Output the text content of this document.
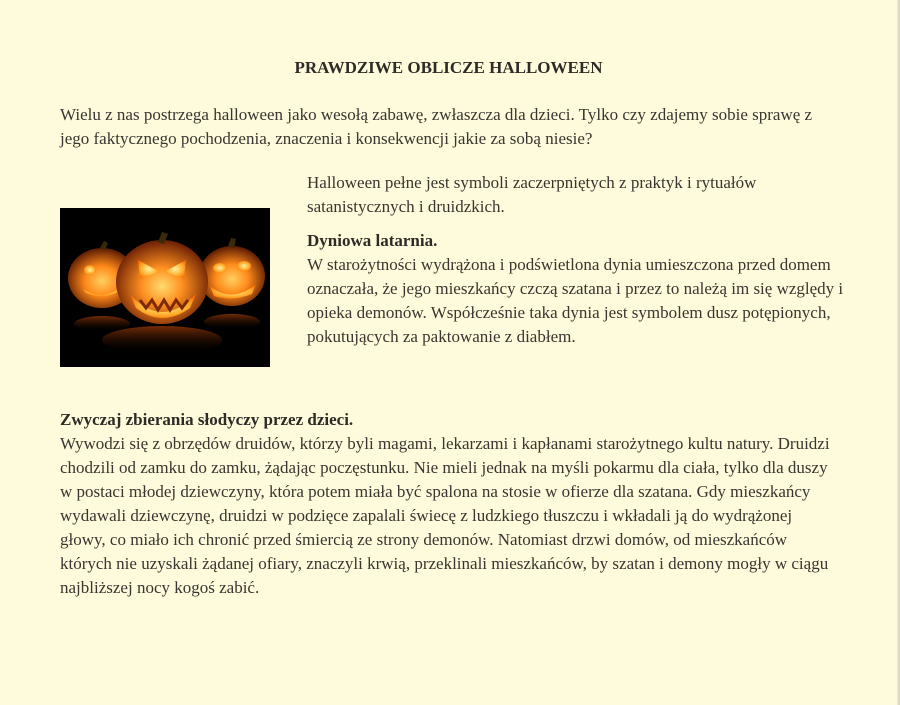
PRAWDZIWE OBLICZE HALLOWEEN

Wielu z nas postrzega halloween jako wesołą zabawę, zwłaszcza dla dzieci. Tylko czy zdajemy sobie sprawę z jego faktycznego pochodzenia, znaczenia i konsekwencji jakie za sobą niesie?

Halloween pełne jest symboli zaczerpniętych z praktyk i rytuałów satanistycznych i druidzkich.

Dyniowa latarnia.
W starożytności wydrążona i podświetlona dynia umieszczona przed domem oznaczała, że jego mieszkańcy czczą szatana i przez to należą im się względy i opieka demonów. Współcześnie taka dynia jest symbolem dusz potępionych, pokutujących za paktowanie z diabłem.

Zwyczaj zbierania słodyczy przez dzieci.
Wywodzi się z obrzędów druidów, którzy byli magami, lekarzami i kapłanami starożytnego kultu natury. Druidzi chodzili od zamku do zamku, żądając poczęstunku. Nie mieli jednak na myśli pokarmu dla ciała, tylko dla duszy w postaci młodej dziewczyny, która potem miała być spalona na stosie w ofierze dla szatana. Gdy mieszkańcy wydawali dziewczynę, druidzi w podzięce zapalali świecę z ludzkiego tłuszczu i wkładali ją do wydrążonej głowy, co miało ich chronić przed śmiercią ze strony demonów. Natomiast drzwi domów, od mieszkańców których nie uzyskali żądanej ofiary, znaczyli krwią, przeklinali mieszkańców, by szatan i demony mogły w ciągu najbliższej nocy kogoś zabić.
